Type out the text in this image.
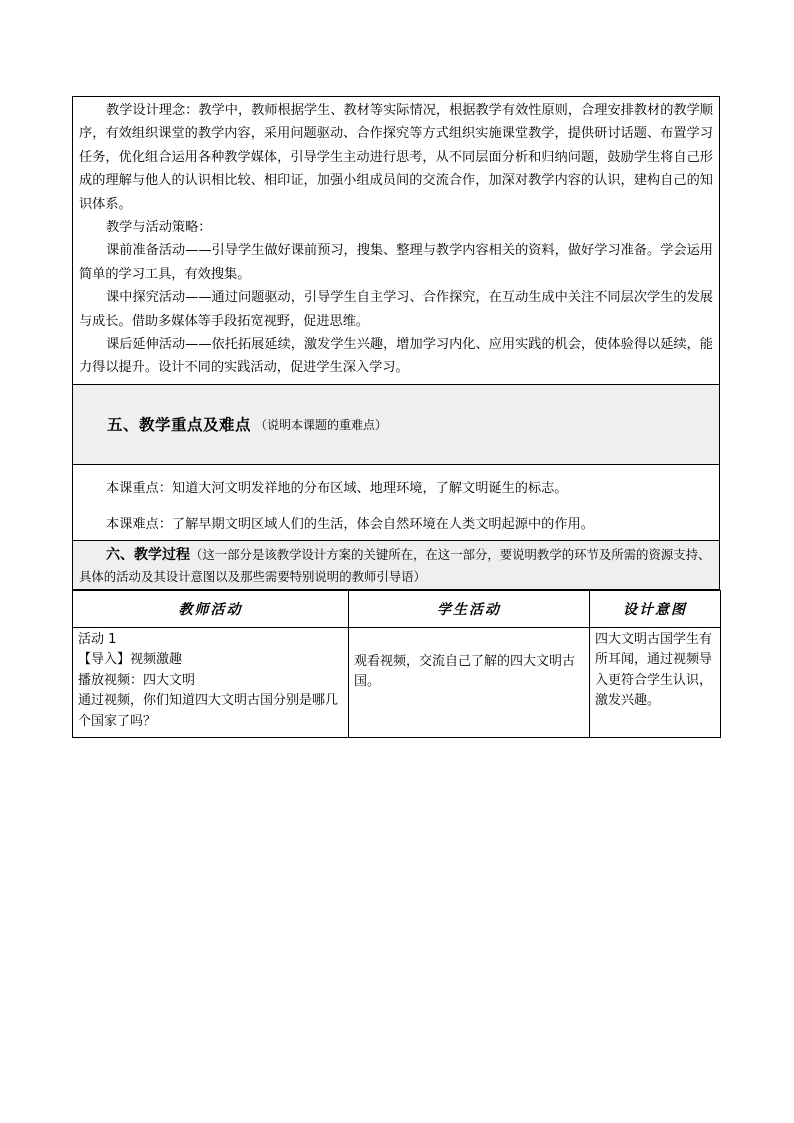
教学设计理念：教学中，教师根据学生、教材等实际情况，根据教学有效性原则，合理安排教材的教学顺序，有效组织课堂的教学内容，采用问题驱动、合作探究等方式组织实施课堂教学，提供研讨话题、布置学习任务，优化组合运用各种教学媒体，引导学生主动进行思考，从不同层面分析和归纳问题，鼓励学生将自己形成的理解与他人的认识相比较、相印证，加强小组成员间的交流合作，加深对教学内容的认识，建构自己的知识体系。

教学与活动策略：

课前准备活动——引导学生做好课前预习，搜集、整理与教学内容相关的资料，做好学习准备。学会运用简单的学习工具，有效搜集。

课中探究活动——通过问题驱动，引导学生自主学习、合作探究，在互动生成中关注不同层次学生的发展与成长。借助多媒体等手段拓宽视野，促进思维。

课后延伸活动——依托拓展延续，激发学生兴趣，增加学习内化、应用实践的机会，使体验得以延续，能力得以提升。设计不同的实践活动，促进学生深入学习。

五、教学重点及难点 （说明本课题的重难点）

本课重点：知道大河文明发祥地的分布区域、地理环境，了解文明诞生的标志。

本课难点：了解早期文明区域人们的生活，体会自然环境在人类文明起源中的作用。

六、教学过程（这一部分是该教学设计方案的关键所在，在这一部分，要说明教学的环节及所需的资源支持、具体的活动及其设计意图以及那些需要特别说明的教师引导语）
教师活动	学生活动	设计意图

活动 1
【导入】视频激趣
播放视频：四大文明
通过视频，你们知道四大文明古国分别是哪几个国家了吗？	观看视频，交流自己了解的四大文明古国。	四大文明古国学生有所耳闻，通过视频导入更符合学生认识，激发兴趣。
